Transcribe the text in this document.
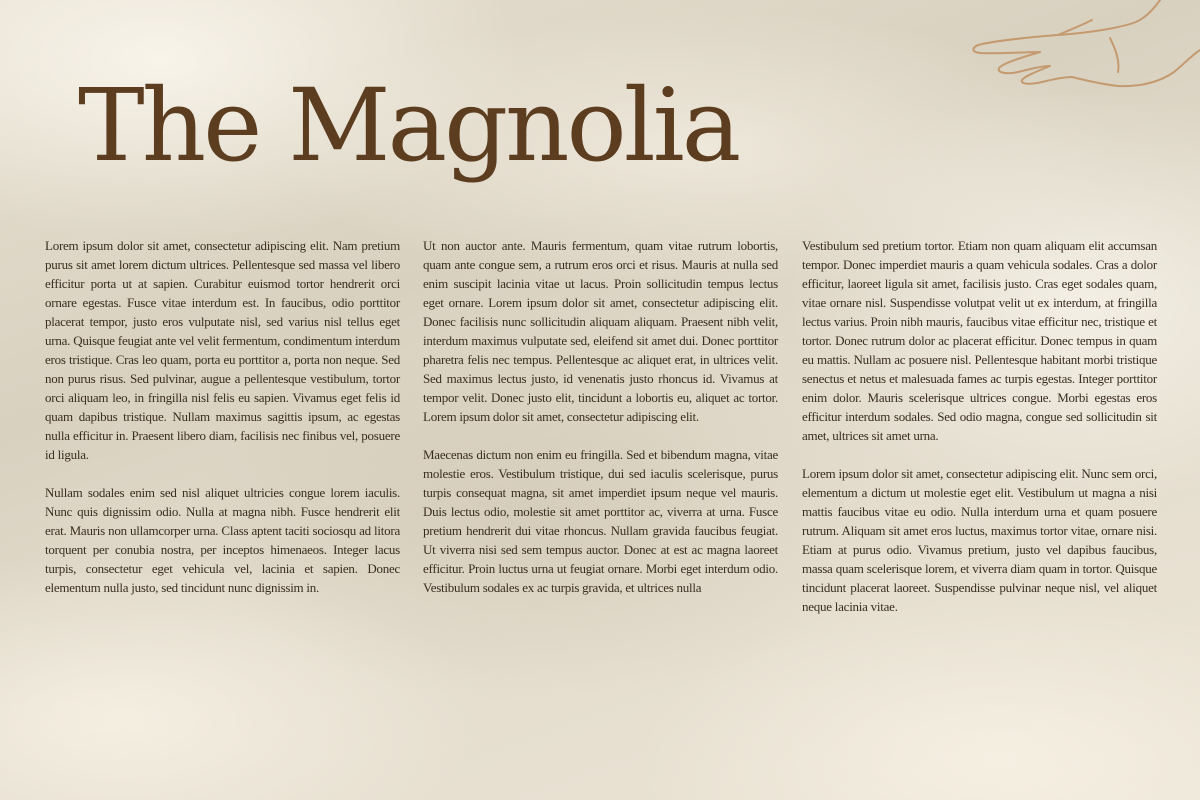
The Magnolia

Lorem ipsum dolor sit amet, consectetur adipiscing elit. Nam pretium purus sit amet lorem dictum ultrices. Pellentesque sed massa vel libero efficitur porta ut at sapien. Curabitur euismod tortor hendrerit orci ornare egestas. Fusce vitae interdum est. In faucibus, odio porttitor placerat tempor, justo eros vulputate nisl, sed varius nisl tellus eget urna. Quisque feugiat ante vel velit fermentum, condimentum interdum eros tristique. Cras leo quam, porta eu porttitor a, porta non neque. Sed non purus risus. Sed pulvinar, augue a pellentesque vestibulum, tortor orci aliquam leo, in fringilla nisl felis eu sapien. Vivamus eget felis id quam dapibus tristique. Nullam maximus sagittis ipsum, ac egestas nulla efficitur in. Praesent libero diam, facilisis nec finibus vel, posuere id ligula.

Nullam sodales enim sed nisl aliquet ultricies congue lorem iaculis. Nunc quis dignissim odio. Nulla at magna nibh. Fusce hendrerit elit erat. Mauris non ullamcorper urna. Class aptent taciti sociosqu ad litora torquent per conubia nostra, per inceptos himenaeos. Integer lacus turpis, consectetur eget vehicula vel, lacinia et sapien. Donec elementum nulla justo, sed tincidunt nunc dignissim in.

Ut non auctor ante. Mauris fermentum, quam vitae rutrum lobortis, quam ante congue sem, a rutrum eros orci et risus. Mauris at nulla sed enim suscipit lacinia vitae ut lacus. Proin sollicitudin tempus lectus eget ornare. Lorem ipsum dolor sit amet, consectetur adipiscing elit. Donec facilisis nunc sollicitudin aliquam aliquam. Praesent nibh velit, interdum maximus vulputate sed, eleifend sit amet dui. Donec porttitor pharetra felis nec tempus. Pellentesque ac aliquet erat, in ultrices velit. Sed maximus lectus justo, id venenatis justo rhoncus id. Vivamus at tempor velit. Donec justo elit, tincidunt a lobortis eu, aliquet ac tortor. Lorem ipsum dolor sit amet, consectetur adipiscing elit.

Maecenas dictum non enim eu fringilla. Sed et bibendum magna, vitae molestie eros. Vestibulum tristique, dui sed iaculis scelerisque, purus turpis consequat magna, sit amet imperdiet ipsum neque vel mauris. Duis lectus odio, molestie sit amet porttitor ac, viverra at urna. Fusce pretium hendrerit dui vitae rhoncus. Nullam gravida faucibus feugiat. Ut viverra nisi sed sem tempus auctor. Donec at est ac magna laoreet efficitur. Proin luctus urna ut feugiat ornare. Morbi eget interdum odio. Vestibulum sodales ex ac turpis gravida, et ultrices nulla

Vestibulum sed pretium tortor. Etiam non quam aliquam elit accumsan tempor. Donec imperdiet mauris a quam vehicula sodales. Cras a dolor efficitur, laoreet ligula sit amet, facilisis justo. Cras eget sodales quam, vitae ornare nisl. Suspendisse volutpat velit ut ex interdum, at fringilla lectus varius. Proin nibh mauris, faucibus vitae efficitur nec, tristique et tortor. Donec rutrum dolor ac placerat efficitur. Donec tempus in quam eu mattis. Nullam ac posuere nisl. Pellentesque habitant morbi tristique senectus et netus et malesuada fames ac turpis egestas. Integer porttitor enim dolor. Mauris scelerisque ultrices congue. Morbi egestas eros efficitur interdum sodales. Sed odio magna, congue sed sollicitudin sit amet, ultrices sit amet urna.

Lorem ipsum dolor sit amet, consectetur adipiscing elit. Nunc sem orci, elementum a dictum ut molestie eget elit. Vestibulum ut magna a nisi mattis faucibus vitae eu odio. Nulla interdum urna et quam posuere rutrum. Aliquam sit amet eros luctus, maximus tortor vitae, ornare nisi. Etiam at purus odio. Vivamus pretium, justo vel dapibus faucibus, massa quam scelerisque lorem, et viverra diam quam in tortor. Quisque tincidunt placerat laoreet. Suspendisse pulvinar neque nisl, vel aliquet neque lacinia vitae.
